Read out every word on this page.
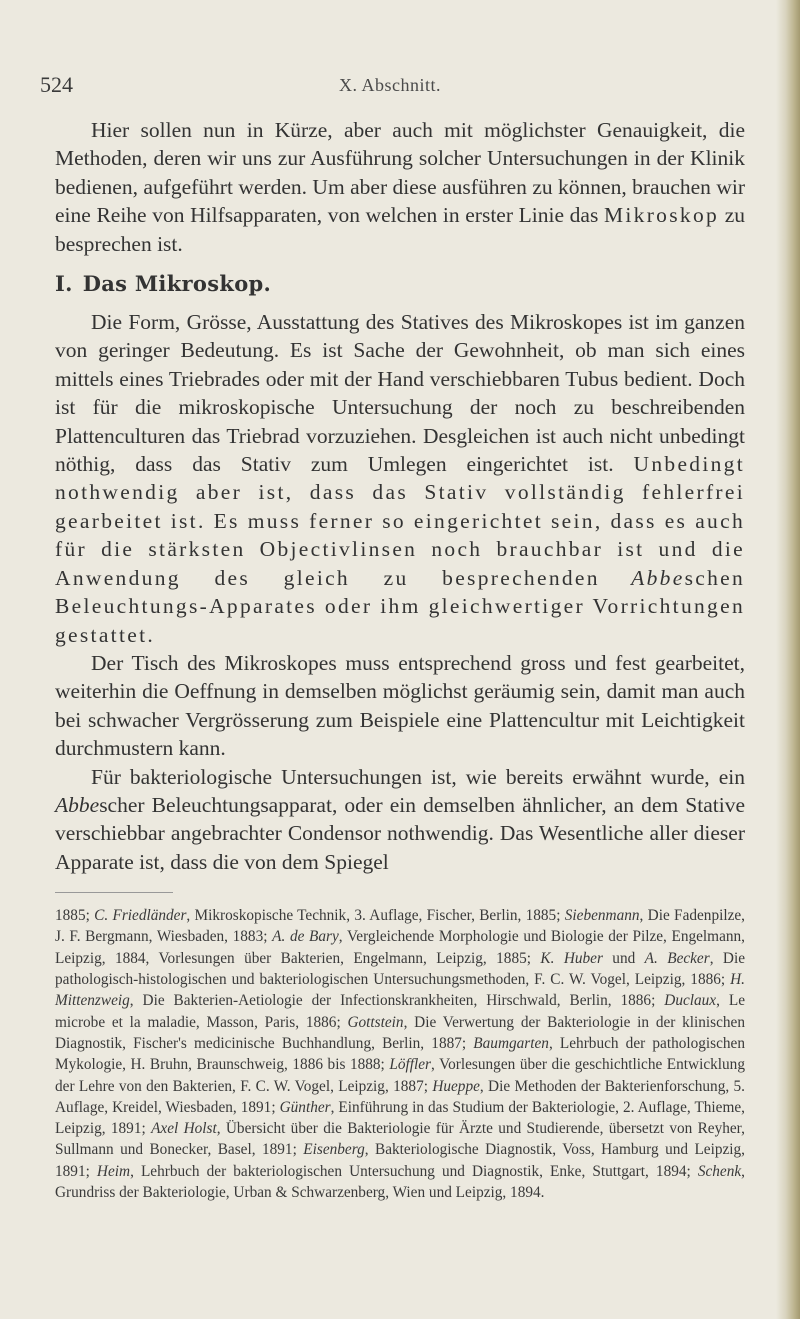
524	X. Abschnitt.

Hier sollen nun in Kürze, aber auch mit möglichster Genauigkeit, die Methoden, deren wir uns zur Ausführung solcher Untersuchungen in der Klinik bedienen, aufgeführt werden. Um aber diese ausführen zu können, brauchen wir eine Reihe von Hilfsapparaten, von welchen in erster Linie das Mikroskop zu besprechen ist.

I. Das Mikroskop.

Die Form, Grösse, Ausstattung des Statives des Mikroskopes ist im ganzen von geringer Bedeutung. Es ist Sache der Gewohnheit, ob man sich eines mittels eines Triebrades oder mit der Hand verschiebbaren Tubus bedient. Doch ist für die mikroskopische Untersuchung der noch zu beschreibenden Plattenculturen das Triebrad vorzuziehen. Desgleichen ist auch nicht unbedingt nöthig, dass das Stativ zum Umlegen eingerichtet ist. Unbedingt nothwendig aber ist, dass das Stativ vollständig fehlerfrei gearbeitet ist. Es muss ferner so eingerichtet sein, dass es auch für die stärksten Objectivlinsen noch brauchbar ist und die Anwendung des gleich zu besprechenden Abbeschen Beleuchtungs-Apparates oder ihm gleichwertiger Vorrichtungen gestattet.

Der Tisch des Mikroskopes muss entsprechend gross und fest gearbeitet, weiterhin die Oeffnung in demselben möglichst geräumig sein, damit man auch bei schwacher Vergrösserung zum Beispiele eine Plattencultur mit Leichtigkeit durchmustern kann.

Für bakteriologische Untersuchungen ist, wie bereits erwähnt wurde, ein Abbescher Beleuchtungsapparat, oder ein demselben ähnlicher, an dem Stative verschiebbar angebrachter Condensor nothwendig. Das Wesentliche aller dieser Apparate ist, dass die von dem Spiegel

1885; C. Friedländer, Mikroskopische Technik, 3. Auflage, Fischer, Berlin, 1885; Siebenmann, Die Fadenpilze, J. F. Bergmann, Wiesbaden, 1883; A. de Bary, Vergleichende Morphologie und Biologie der Pilze, Engelmann, Leipzig, 1884, Vorlesungen über Bakterien, Engelmann, Leipzig, 1885; K. Huber und A. Becker, Die pathologisch-histologischen und bakteriologischen Untersuchungsmethoden, F. C. W. Vogel, Leipzig, 1886; H. Mittenzweig, Die Bakterien-Aetiologie der Infectionskrankheiten, Hirschwald, Berlin, 1886; Duclaux, Le microbe et la maladie, Masson, Paris, 1886; Gottstein, Die Verwertung der Bakteriologie in der klinischen Diagnostik, Fischer's medicinische Buchhandlung, Berlin, 1887; Baumgarten, Lehrbuch der pathologischen Mykologie, H. Bruhn, Braunschweig, 1886 bis 1888; Löffler, Vorlesungen über die geschichtliche Entwicklung der Lehre von den Bakterien, F. C. W. Vogel, Leipzig, 1887; Hueppe, Die Methoden der Bakterienforschung, 5. Auflage, Kreidel, Wiesbaden, 1891; Günther, Einführung in das Studium der Bakteriologie, 2. Auflage, Thieme, Leipzig, 1891; Axel Holst, Übersicht über die Bakteriologie für Ärzte und Studierende, übersetzt von Reyher, Sullmann und Bonecker, Basel, 1891; Eisenberg, Bakteriologische Diagnostik, Voss, Hamburg und Leipzig, 1891; Heim, Lehrbuch der bakteriologischen Untersuchung und Diagnostik, Enke, Stuttgart, 1894; Schenk, Grundriss der Bakteriologie, Urban & Schwarzenberg, Wien und Leipzig, 1894.
